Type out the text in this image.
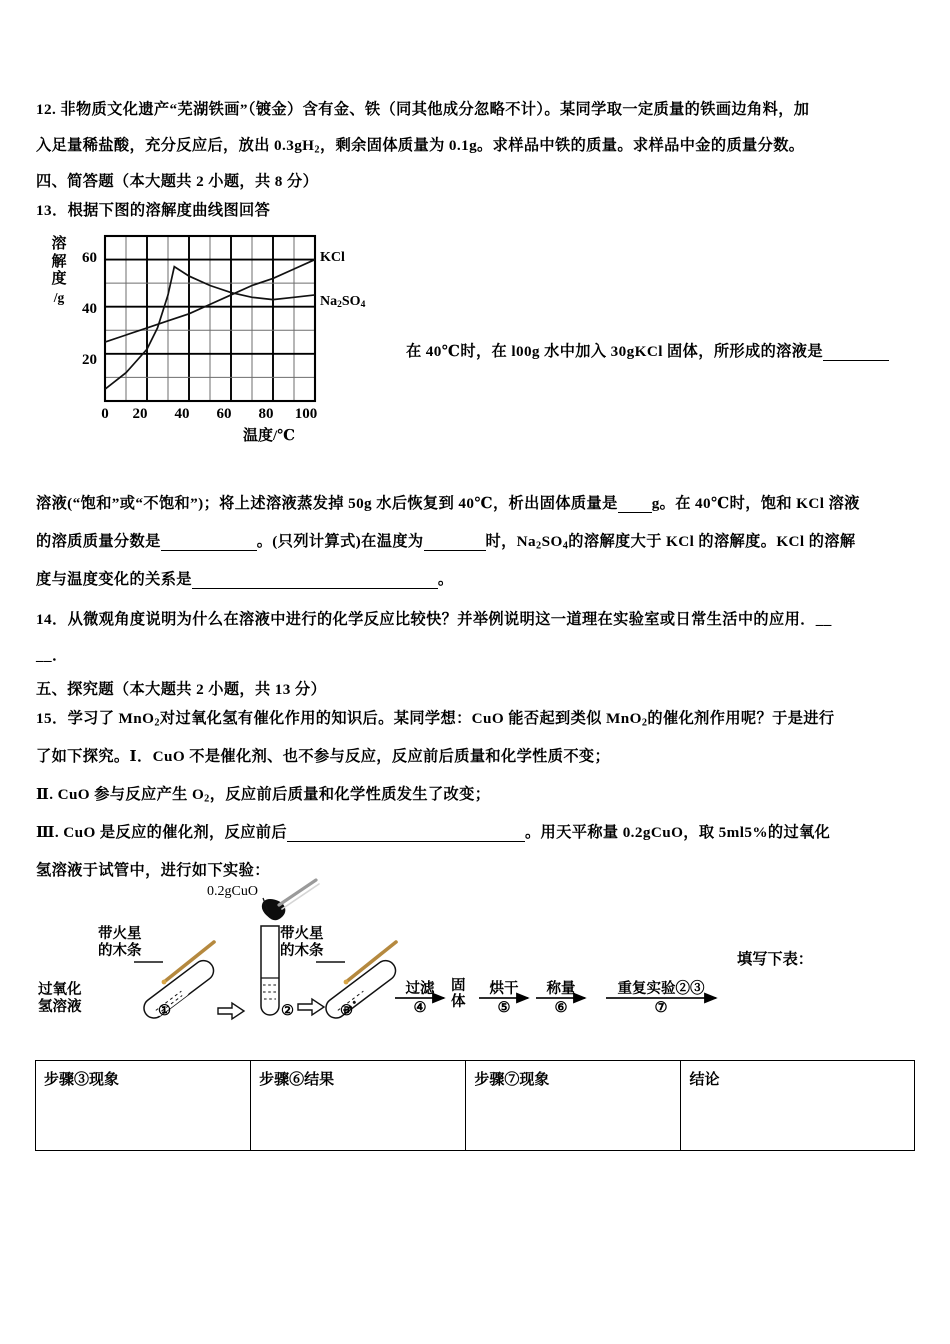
12. 非物质文化遗产“芜湖铁画”（镀金）含有金、铁（同其他成分忽略不计）。某同学取一定质量的铁画边角料，加
入足量稀盐酸，充分反应后，放出 $0.3gH_2$，剩余固体质量为 0.1g。求样品中铁的质量。求样品中金的质量分数。
四、简答题（本大题共 2 小题，共 8 分）
13．根据下图的溶解度曲线图回答
溶
解
度
/g
60
40
20
0	20	40	60	80	100
温度/℃
KCl
$Na_2SO_4$
在 40℃时，在 l00g 水中加入 30gKCl 固体，所形成的溶液是
溶液(“饱和”或“不饱和”)；将上述溶液蒸发掉 50g 水后恢复到 40℃，析出固体质量是 g。在 40℃时，饱和 KCl 溶液
的溶质质量分数是	。(只列计算式)在温度为	时，$Na_2SO_4$的溶解度大于 KCl 的溶解度。KCl 的溶解
度与温度变化的关系是	。
14．从微观角度说明为什么在溶液中进行的化学反应比较快？并举例说明这一道理在实验室或日常生活中的应用．__
__．
五、探究题（本大题共 2 小题，共 13 分）
15．学习了 MnO$_2$对过氧化氢有催化作用的知识后。某同学想：CuO 能否起到类似 MnO$_2$的催化剂作用呢？于是进行
了如下探究。Ⅰ．CuO 不是催化剂、也不参与反应，反应前后质量和化学性质不变；
Ⅱ. CuO 参与反应产生 $O_2$，反应前后质量和化学性质发生了改变；
Ⅲ. CuO 是反应的催化剂，反应前后	。用天平称量 0.2gCuO，取 5ml5%的过氧化
氢溶液于试管中，进行如下实验：
过氧化
氢溶液
带火星
的木条
0.2gCuO
带火星
的木条
①	②	③
过滤
④
固
体
烘干
⑤
称量
⑥
重复实验②③
⑦
填写下表：
步骤③现象	步骤⑥结果	步骤⑦现象	结论
